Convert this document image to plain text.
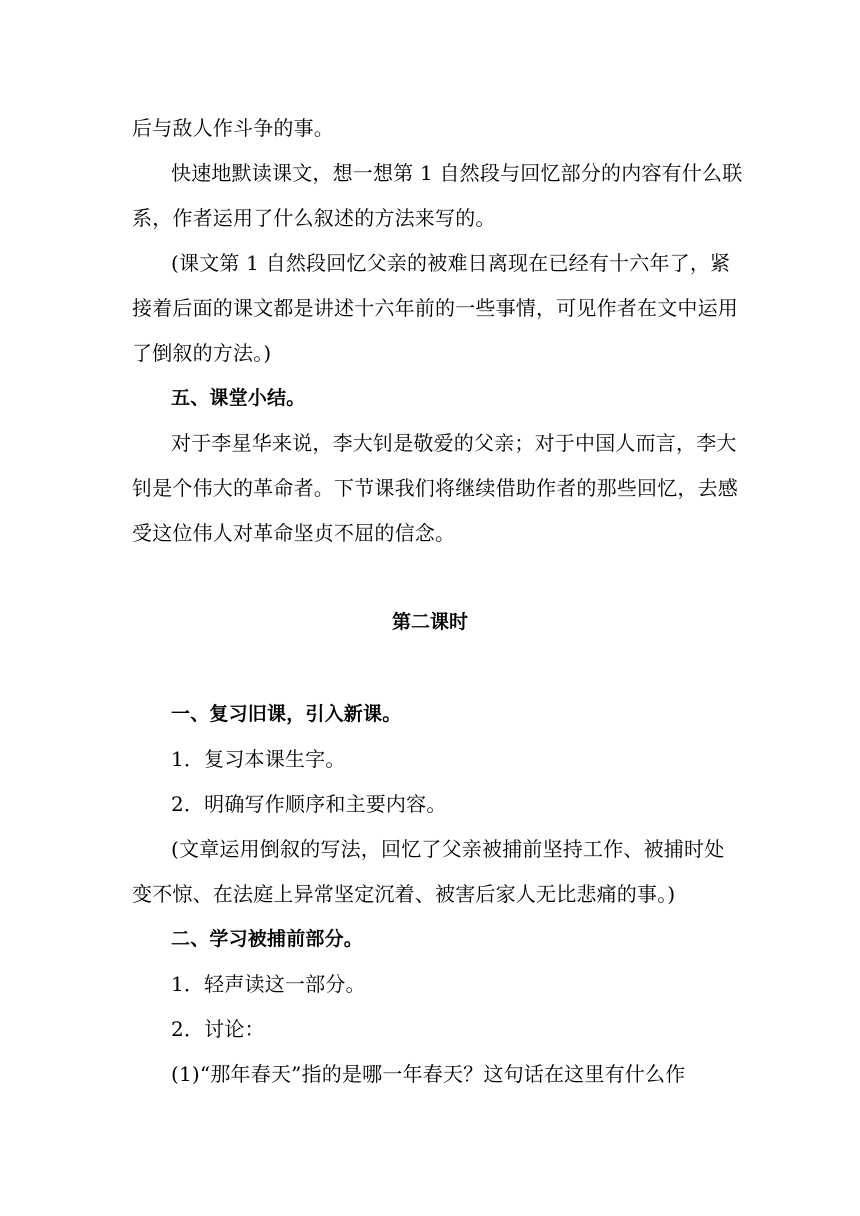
后与敌人作斗争的事。
快速地默读课文，想一想第 1 自然段与回忆部分的内容有什么联
系，作者运用了什么叙述的方法来写的。
(课文第 1 自然段回忆父亲的被难日离现在已经有十六年了，紧
接着后面的课文都是讲述十六年前的一些事情，可见作者在文中运用
了倒叙的方法。)
五、课堂小结。
对于李星华来说，李大钊是敬爱的父亲；对于中国人而言，李大
钊是个伟大的革命者。下节课我们将继续借助作者的那些回忆，去感
受这位伟人对革命坚贞不屈的信念。
第二课时
一、复习旧课，引入新课。
1．复习本课生字。
2．明确写作顺序和主要内容。
(文章运用倒叙的写法，回忆了父亲被捕前坚持工作、被捕时处
变不惊、在法庭上异常坚定沉着、被害后家人无比悲痛的事。)
二、学习被捕前部分。
1．轻声读这一部分。
2．讨论：
(1)“那年春天”指的是哪一年春天？这句话在这里有什么作
